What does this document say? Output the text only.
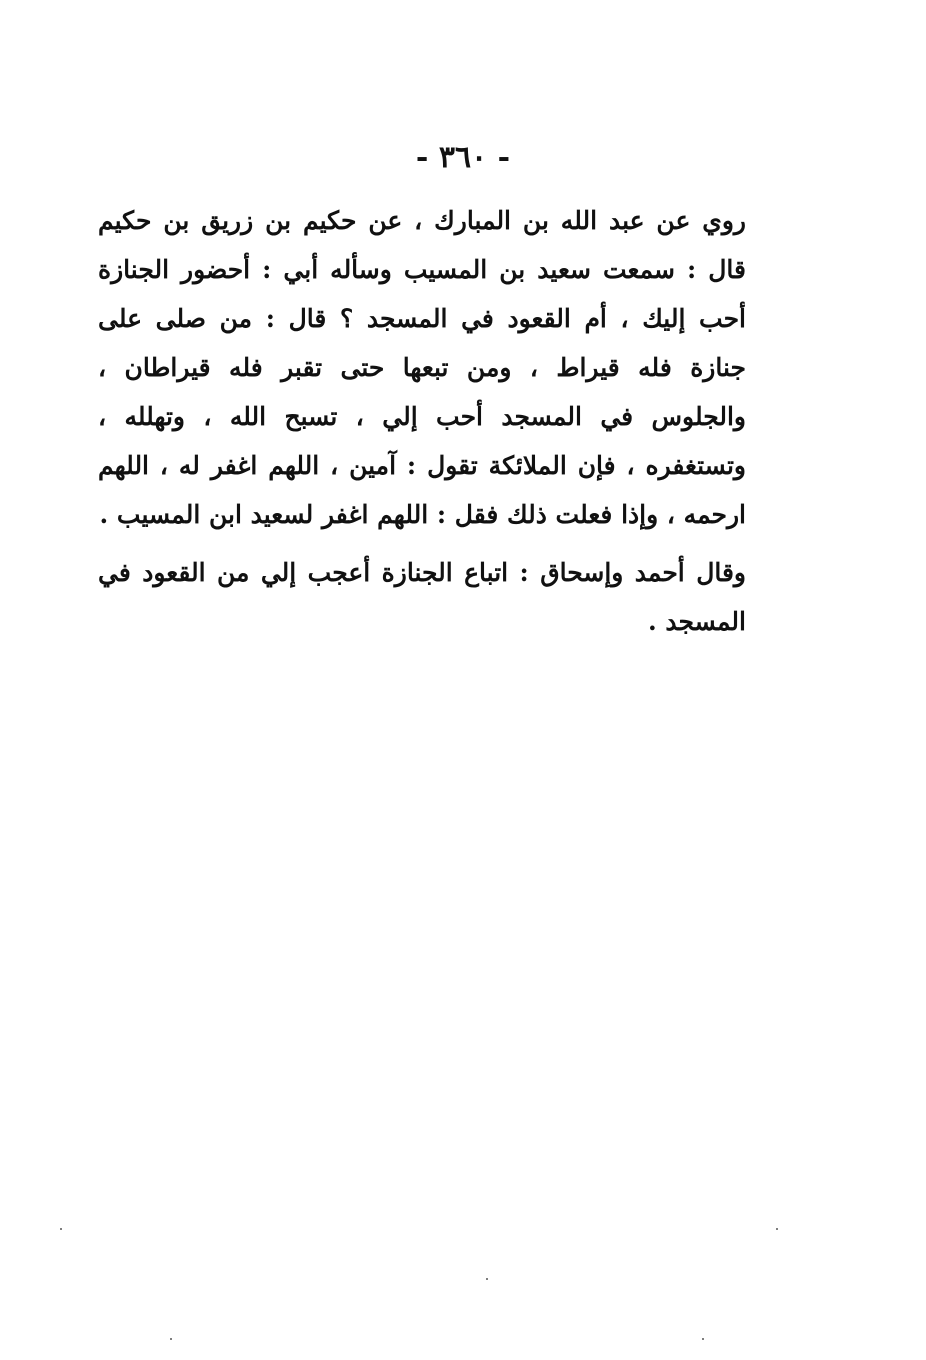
- ٣٦٠ -
روي عن عبد الله بن المبارك ، عن حكيم بن زريق بن حكيم قال : سمعت سعيد بن المسيب وسأله أبي : أحضور الجنازة أحب إليك ، أم القعود في المسجد ؟ قال : من صلى على جنازة فله قيراط ، ومن تبعها حتى تقبر فله قيراطان ، والجلوس في المسجد أحب إلي ، تسبح الله ، وتهلله ، وتستغفره ، فإن الملائكة تقول : آمين ، اللهم اغفر له ، اللهم ارحمه ، وإذا فعلت ذلك فقل : اللهم اغفر لسعيد ابن المسيب .
وقال أحمد وإسحاق : اتباع الجنازة أعجب إلي من القعود في المسجد .
